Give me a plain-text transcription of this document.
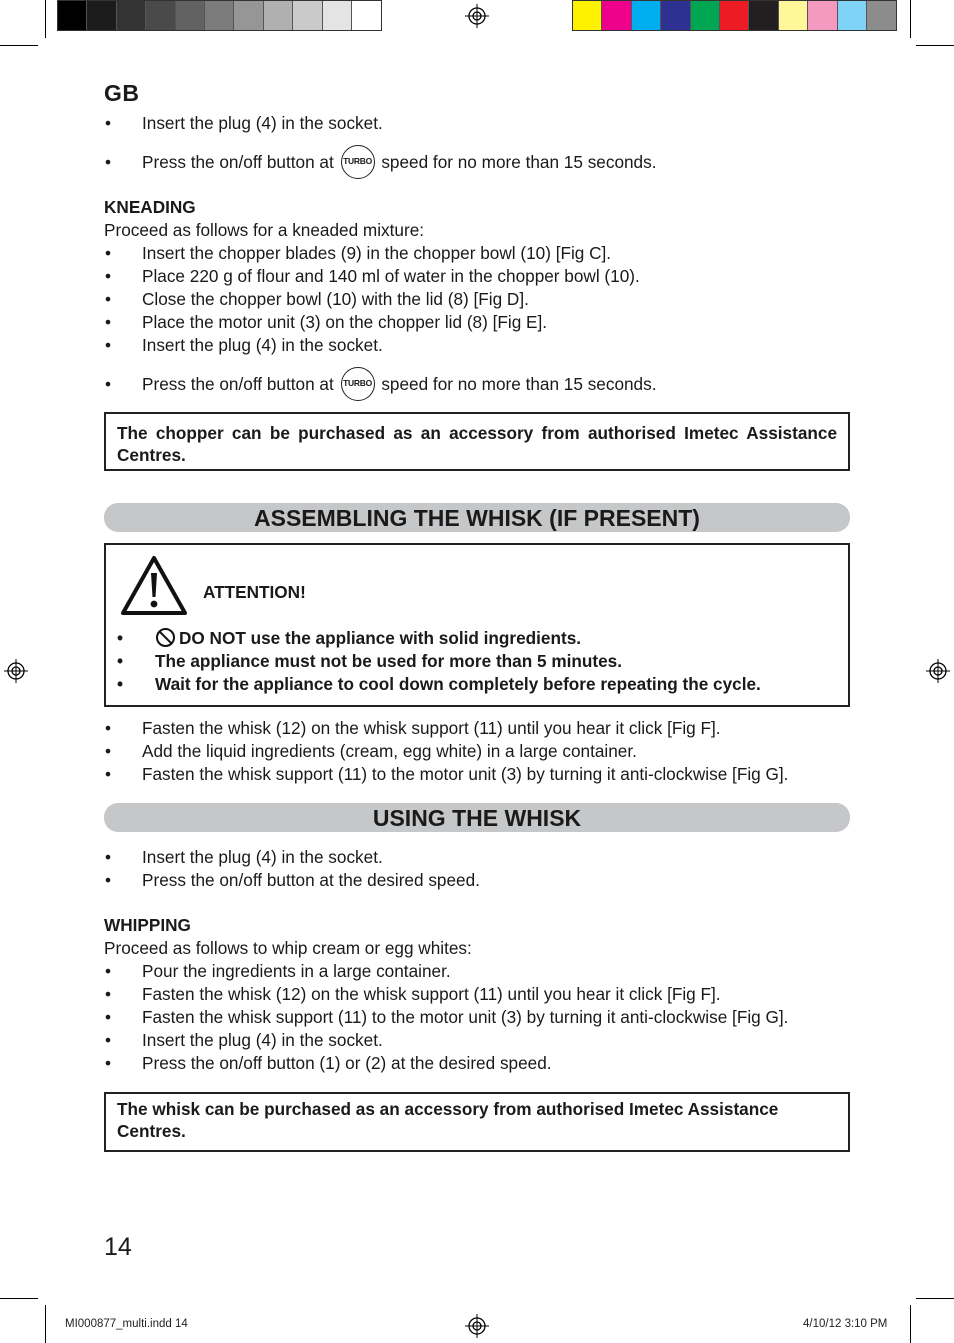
GB
• Insert the plug (4) in the socket.
• Press the on/off button at TURBO speed for no more than 15 seconds.
KNEADING
Proceed as follows for a kneaded mixture:
• Insert the chopper blades (9) in the chopper bowl (10) [Fig C].
• Place 220 g of flour and 140 ml of water in the chopper bowl (10).
• Close the chopper bowl (10) with the lid (8) [Fig D].
• Place the motor unit (3) on the chopper lid (8) [Fig E].
• Insert the plug (4) in the socket.
• Press the on/off button at TURBO speed for no more than 15 seconds.
The chopper can be purchased as an accessory from authorised Imetec Assistance Centres.
ASSEMBLING THE WHISK (IF PRESENT)
ATTENTION!
• DO NOT use the appliance with solid ingredients.
• The appliance must not be used for more than 5 minutes.
• Wait for the appliance to cool down completely before repeating the cycle.
• Fasten the whisk (12) on the whisk support (11) until you hear it click [Fig F].
• Add the liquid ingredients (cream, egg white) in a large container.
• Fasten the whisk support (11) to the motor unit (3) by turning it anti-clockwise [Fig G].
USING THE WHISK
• Insert the plug (4) in the socket.
• Press the on/off button at the desired speed.
WHIPPING
Proceed as follows to whip cream or egg whites:
• Pour the ingredients in a large container.
• Fasten the whisk (12) on the whisk support (11) until you hear it click [Fig F].
• Fasten the whisk support (11) to the motor unit (3) by turning it anti-clockwise [Fig G].
• Insert the plug (4) in the socket.
• Press the on/off button (1) or (2) at the desired speed.
The whisk can be purchased as an accessory from authorised Imetec Assistance Centres.
14
MI000877_multi.indd 14	4/10/12 3:10 PM
